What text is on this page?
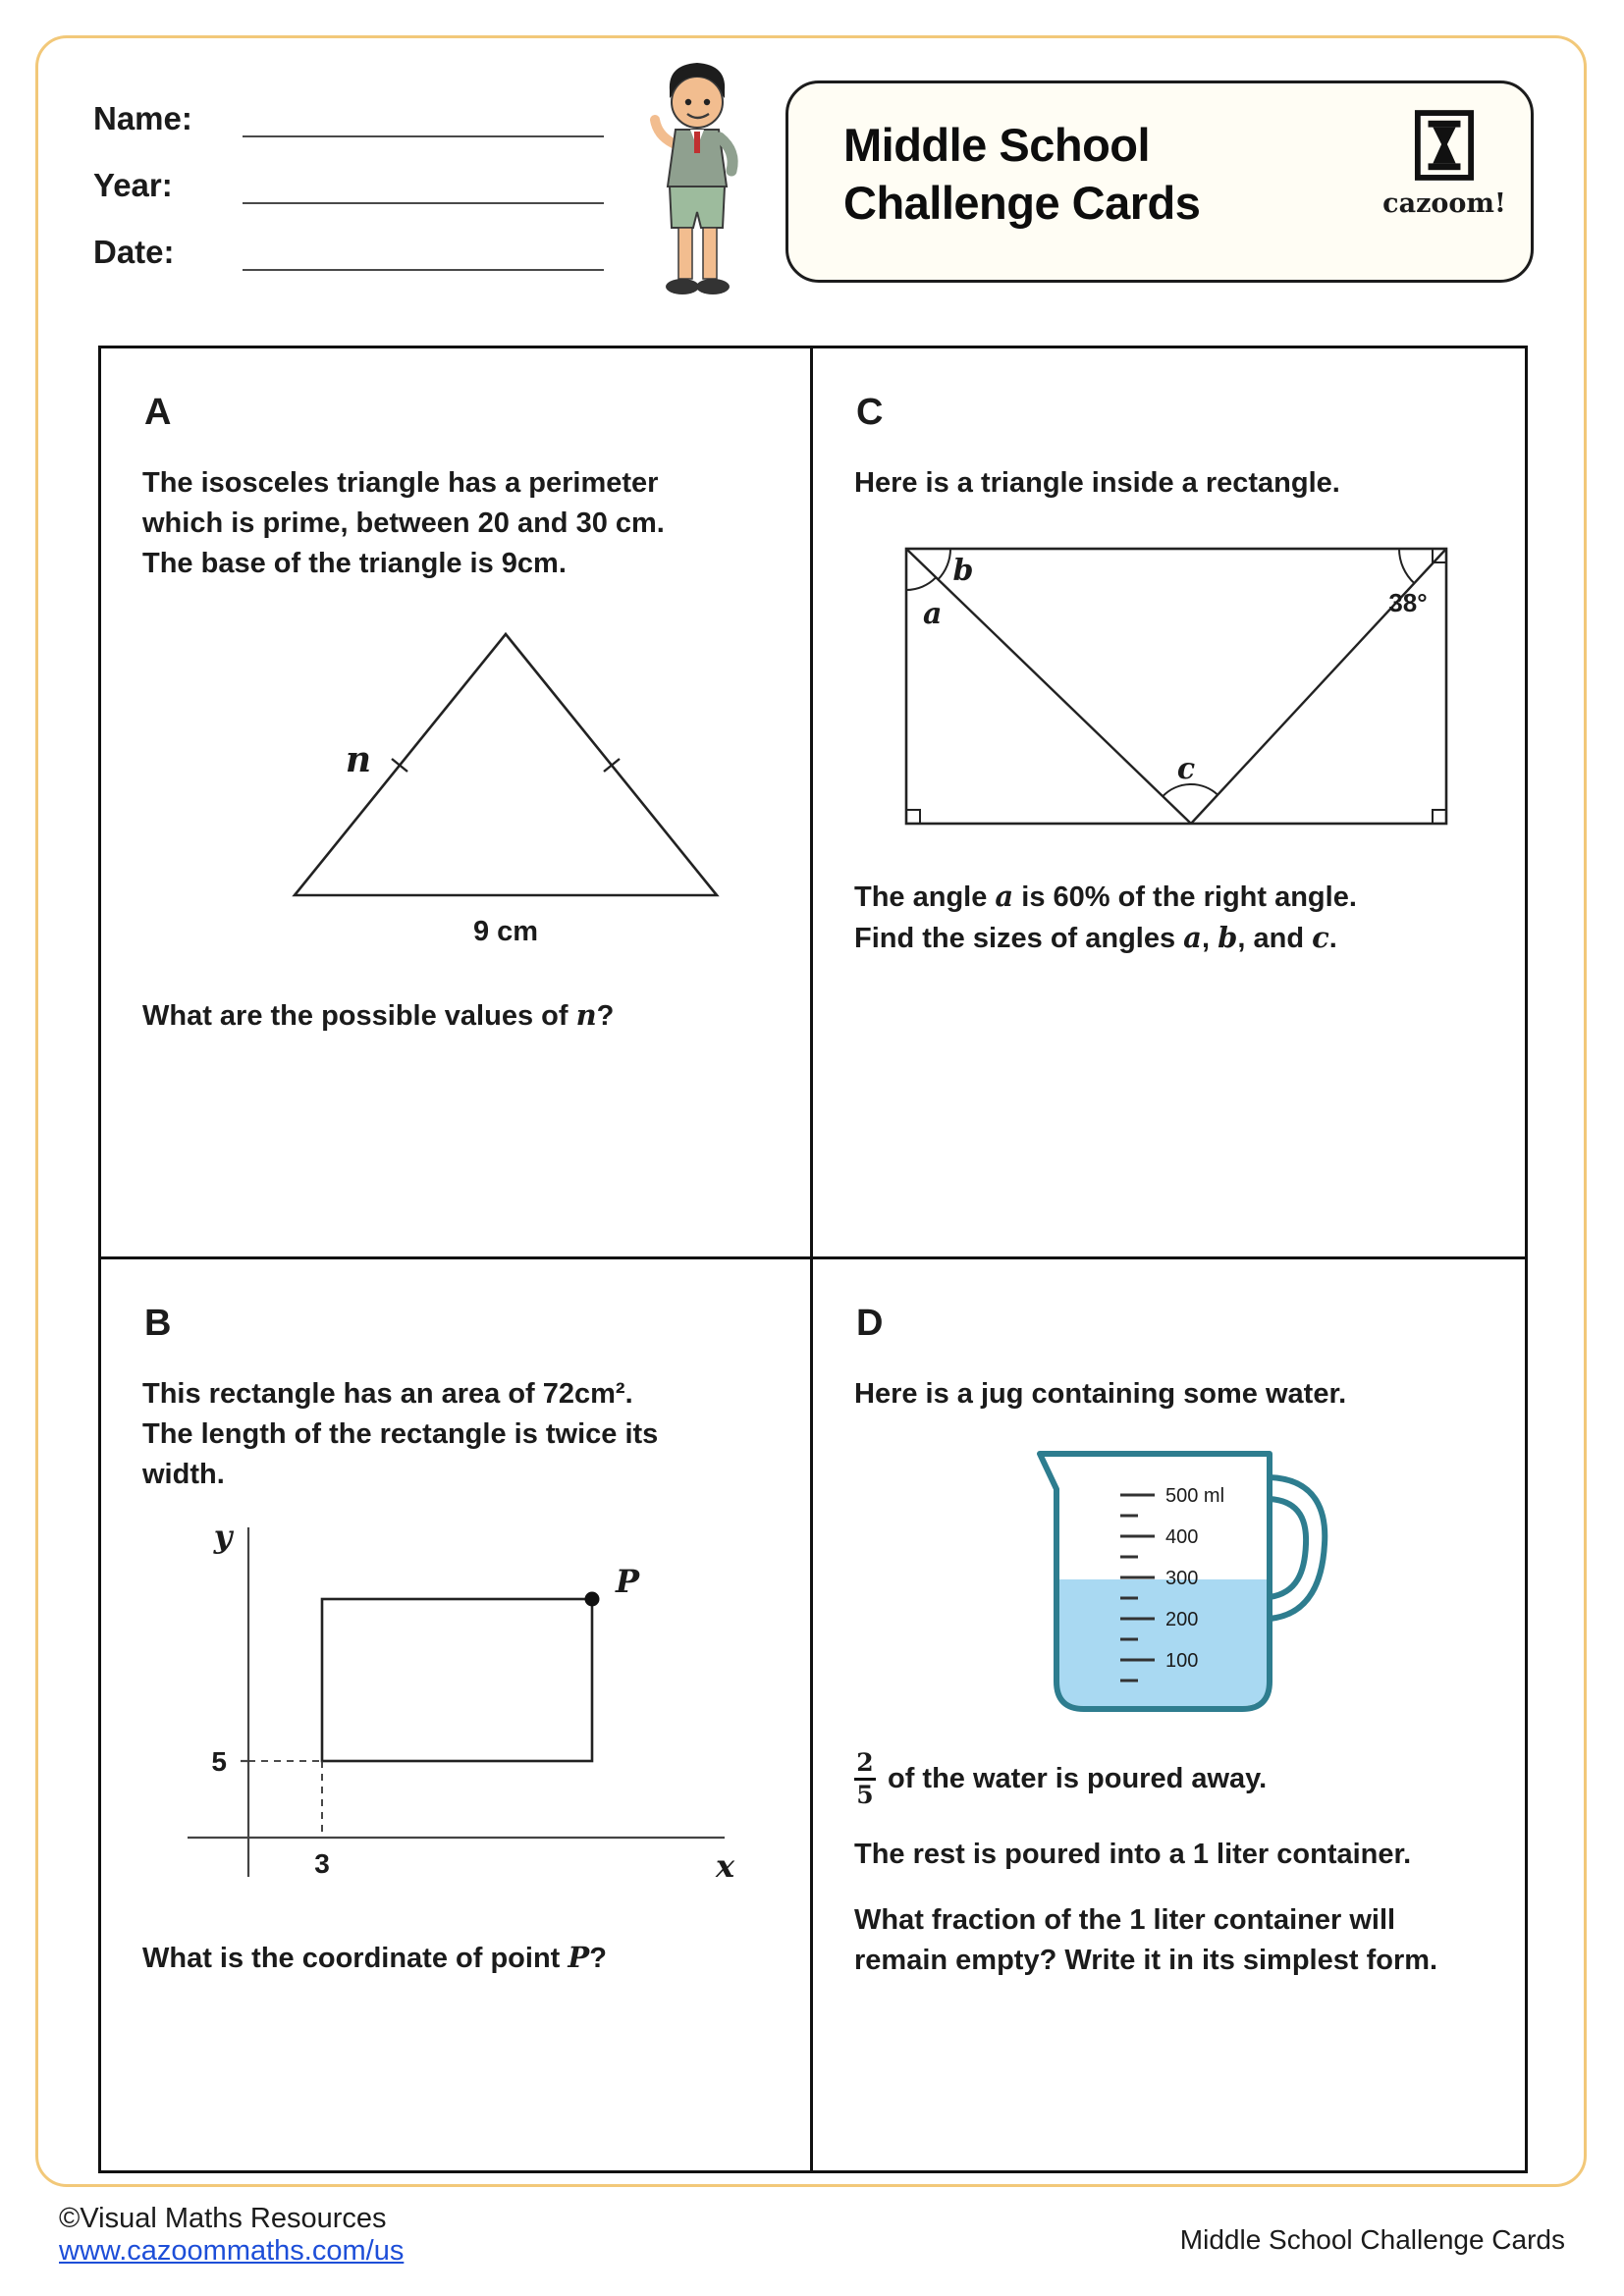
Name:
Year:
Date:
Middle School
Challenge Cards	cazoom!
A
The isosceles triangle has a perimeter
which is prime, between 20 and 30 cm.
The base of the triangle is 9cm.
n
9 cm

What are the possible values of n?

C
Here is a triangle inside a rectangle.
a
b
38°
c
The angle a is 60% of the right angle.
Find the sizes of angles a, b, and c.
B
This rectangle has an area of 72cm².
The length of the rectangle is twice its
width.
P
5
3
y
x

What is the coordinate of point P?

D
Here is a jug containing some water.
500 ml
400
300
200
100
$\frac{2}{5}$ of the water is poured away.

The rest is poured into a 1 liter container.

What fraction of the 1 liter container will
remain empty? Write it in its simplest form.
©Visual Maths Resources
www.cazoommaths.com/us	Middle School Challenge Cards
